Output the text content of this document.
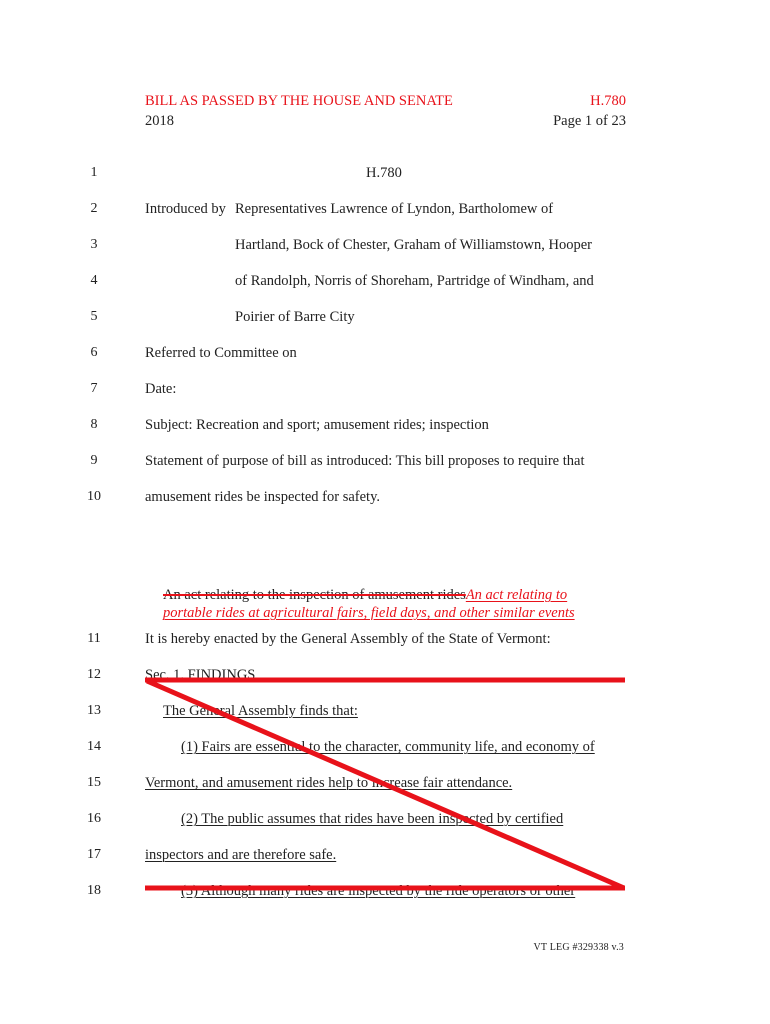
BILL AS PASSED BY THE HOUSE AND SENATE
2018
H.780
Page 1 of 23
1
2
3
4
5
6
7
8
9
10
11
12
13
14
15
16
17
18
H.780
Introduced by Representatives Lawrence of Lyndon, Bartholomew of
Hartland, Bock of Chester, Graham of Williamstown, Hooper
of Randolph, Norris of Shoreham, Partridge of Windham, and
Poirier of Barre City
Referred to Committee on
Date:
Subject: Recreation and sport; amusement rides; inspection
Statement of purpose of bill as introduced: This bill proposes to require that
amusement rides be inspected for safety.
An act relating to the inspection of amusement ridesAn act relating to
portable rides at agricultural fairs, field days, and other similar events
It is hereby enacted by the General Assembly of the State of Vermont:
Sec. 1. FINDINGS
The General Assembly finds that:
(1) Fairs are essential to the character, community life, and economy of
Vermont, and amusement rides help to increase fair attendance.
(2) The public assumes that rides have been inspected by certified
inspectors and are therefore safe.
(3) Although many rides are inspected by the ride operators or other
VT LEG #329338 v.3
